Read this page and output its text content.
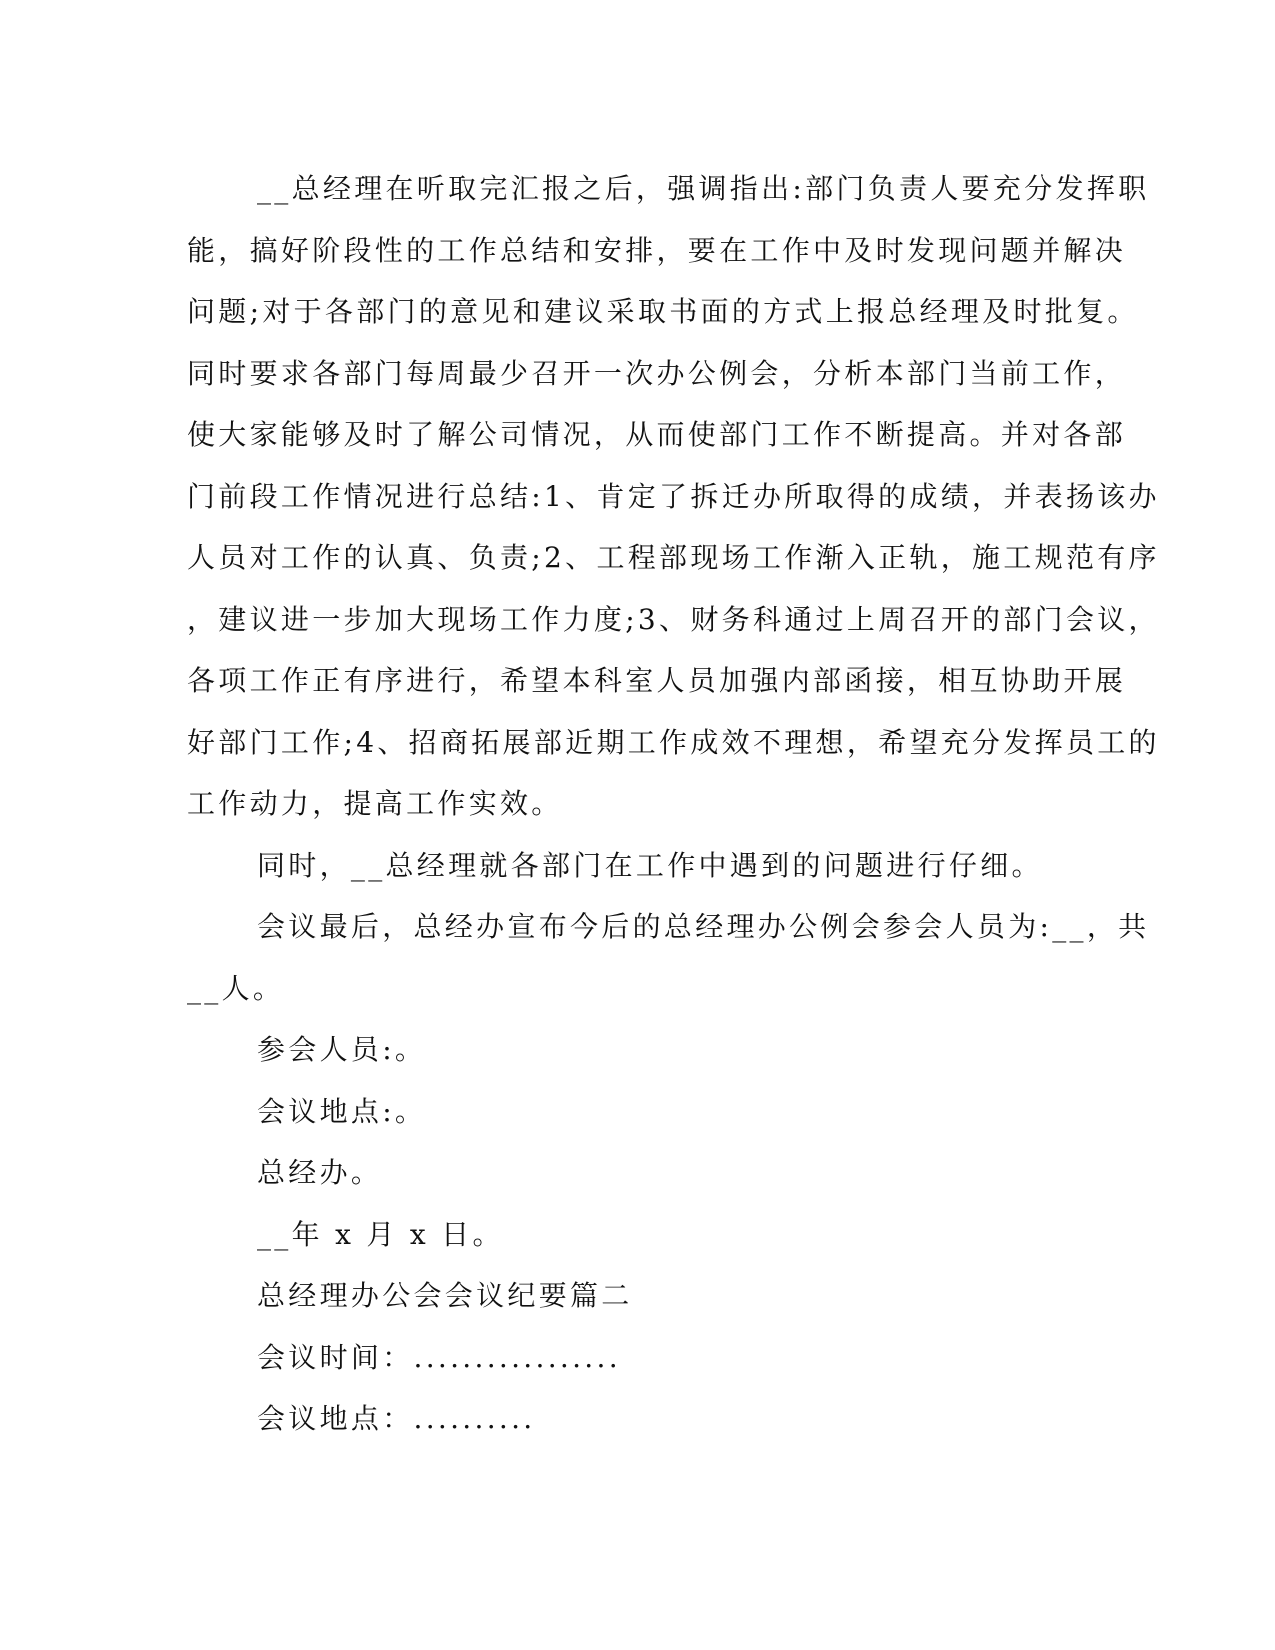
__总经理在听取完汇报之后，强调指出:部门负责人要充分发挥职
能，搞好阶段性的工作总结和安排，要在工作中及时发现问题并解决
问题;对于各部门的意见和建议采取书面的方式上报总经理及时批复。
同时要求各部门每周最少召开一次办公例会，分析本部门当前工作，
使大家能够及时了解公司情况，从而使部门工作不断提高。并对各部
门前段工作情况进行总结:1、肯定了拆迁办所取得的成绩，并表扬该办
人员对工作的认真、负责;2、工程部现场工作渐入正轨，施工规范有序
，建议进一步加大现场工作力度;3、财务科通过上周召开的部门会议，
各项工作正有序进行，希望本科室人员加强内部函接，相互协助开展
好部门工作;4、招商拓展部近期工作成效不理想，希望充分发挥员工的
工作动力，提高工作实效。
同时，__总经理就各部门在工作中遇到的问题进行仔细。
会议最后，总经办宣布今后的总经理办公例会参会人员为:__，共
__人。
参会人员:。
会议地点:。
总经办。
__年 x 月 x 日。
总经理办公会会议纪要篇二
会议时间：.................
会议地点：..........
